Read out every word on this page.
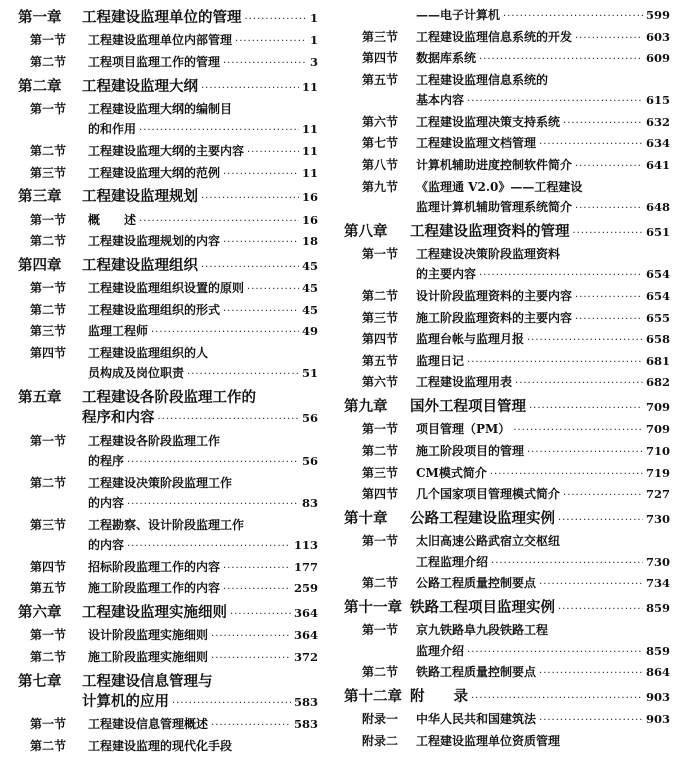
第一章 工程建设监理单位的管理 ·····	1
第一节 工程建设监理单位内部管理 ·····	1
第二节 工程项目监理工作的管理 ·····	3
第二章 工程建设监理大纲 ·····	11
第一节 工程建设监理大纲的编制目
的和作用 ·····	11
第二节 工程建设监理大纲的主要内容 ·····	11
第三节 工程建设监理大纲的范例 ·····	11
第三章 工程建设监理规划 ·····	16
第一节 概　　述 ·····	16
第二节 工程建设监理规划的内容 ·····	18
第四章 工程建设监理组织 ·····	45
第一节 工程建设监理组织设置的原则 ·····	45
第二节 工程建设监理组织的形式 ·····	45
第三节 监理工程师 ·····	49
第四节 工程建设监理组织的人
员构成及岗位职责 ·····	51
第五章 工程建设各阶段监理工作的
程序和内容 ·····	56
第一节 工程建设各阶段监理工作
的程序 ·····	56
第二节 工程建设决策阶段监理工作
的内容 ·····	83
第三节 工程勘察、设计阶段监理工作
的内容 ·····	113
第四节 招标阶段监理工作的内容 ·····	177
第五节 施工阶段监理工作的内容 ·····	259
第六章 工程建设监理实施细则 ·····	364
第一节 设计阶段监理实施细则 ·····	364
第二节 施工阶段监理实施细则 ·····	372
第七章 工程建设信息管理与
计算机的应用 ·····	583
第一节 工程建设信息管理概述 ·····	583
第二节 工程建设监理的现代化手段
——电子计算机 ·····	599
第三节 工程建设监理信息系统的开发 ·····	603
第四节 数据库系统 ·····	609
第五节 工程建设监理信息系统的
基本内容 ·····	615
第六节 工程建设监理决策支持系统 ·····	632
第七节 工程建设监理文档管理 ·····	634
第八节 计算机辅助进度控制软件简介 ·····	641
第九节 《监理通 V2.0》——工程建设
监理计算机辅助管理系统简介 ·····	648
第八章 工程建设监理资料的管理 ·····	651
第一节 工程建设决策阶段监理资料
的主要内容 ·····	654
第二节 设计阶段监理资料的主要内容 ·····	654
第三节 施工阶段监理资料的主要内容 ·····	655
第四节 监理台帐与监理月报 ·····	658
第五节 监理日记 ·····	681
第六节 工程建设监理用表 ·····	682
第九章 国外工程项目管理 ·····	709
第一节 项目管理（PM） ·····	709
第二节 施工阶段项目的管理 ·····	710
第三节 CM模式简介 ·····	719
第四节 几个国家项目管理模式简介 ·····	727
第十章 公路工程建设监理实例 ·····	730
第一节 太旧高速公路武宿立交枢纽
工程监理介绍 ·····	730
第二节 公路工程质量控制要点 ·····	734
第十一章 铁路工程项目监理实例 ·····	859
第一节 京九铁路阜九段铁路工程
监理介绍 ·····	859
第二节 铁路工程质量控制要点 ·····	864
第十二章 附　　录 ·····	903
附录一 中华人民共和国建筑法 ·····	903
附录二 工程建设监理单位资质管理
